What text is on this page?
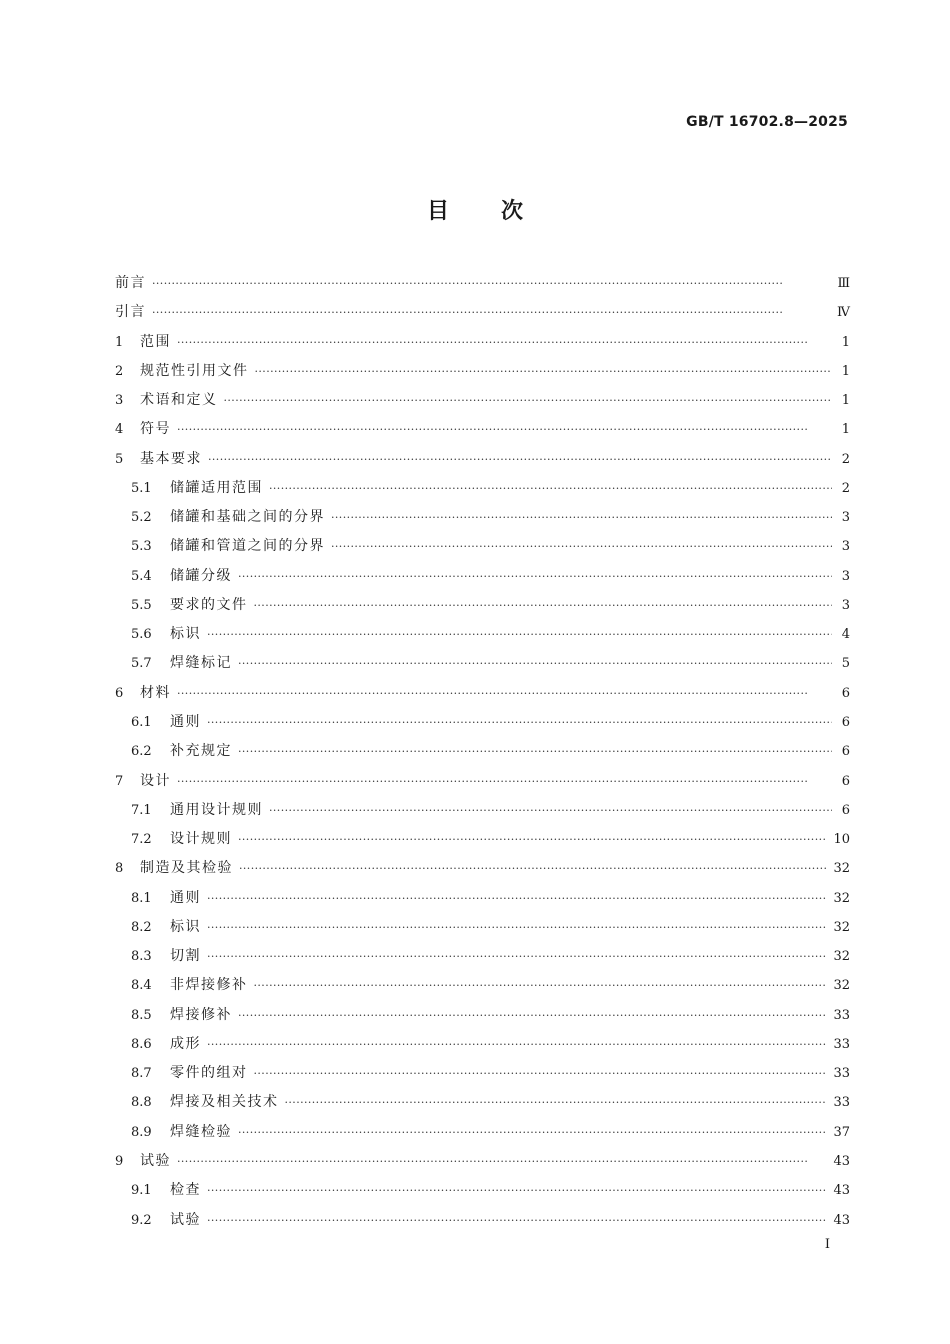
GB/T 16702.8—2025
目 次
前言 ·····	Ⅲ
引言 ·····	Ⅳ
1	范围 ·····	1
2	规范性引用文件 ·····	1
3	术语和定义 ·····	1
4	符号 ·····	1
5	基本要求 ·····	2
5.1	储罐适用范围 ·····	2
5.2	储罐和基础之间的分界 ·····	3
5.3	储罐和管道之间的分界 ·····	3
5.4	储罐分级 ·····	3
5.5	要求的文件 ·····	3
5.6	标识 ·····	4
5.7	焊缝标记 ·····	5
6	材料 ·····	6
6.1	通则 ·····	6
6.2	补充规定 ·····	6
7	设计 ·····	6
7.1	通用设计规则 ·····	6
7.2	设计规则 ·····	10
8	制造及其检验 ·····	32
8.1	通则 ·····	32
8.2	标识 ·····	32
8.3	切割 ·····	32
8.4	非焊接修补 ·····	32
8.5	焊接修补 ·····	33
8.6	成形 ·····	33
8.7	零件的组对 ·····	33
8.8	焊接及相关技术 ·····	33
8.9	焊缝检验 ·····	37
9	试验 ·····	43
9.1	检查 ·····	43
9.2	试验 ·····	43
I
